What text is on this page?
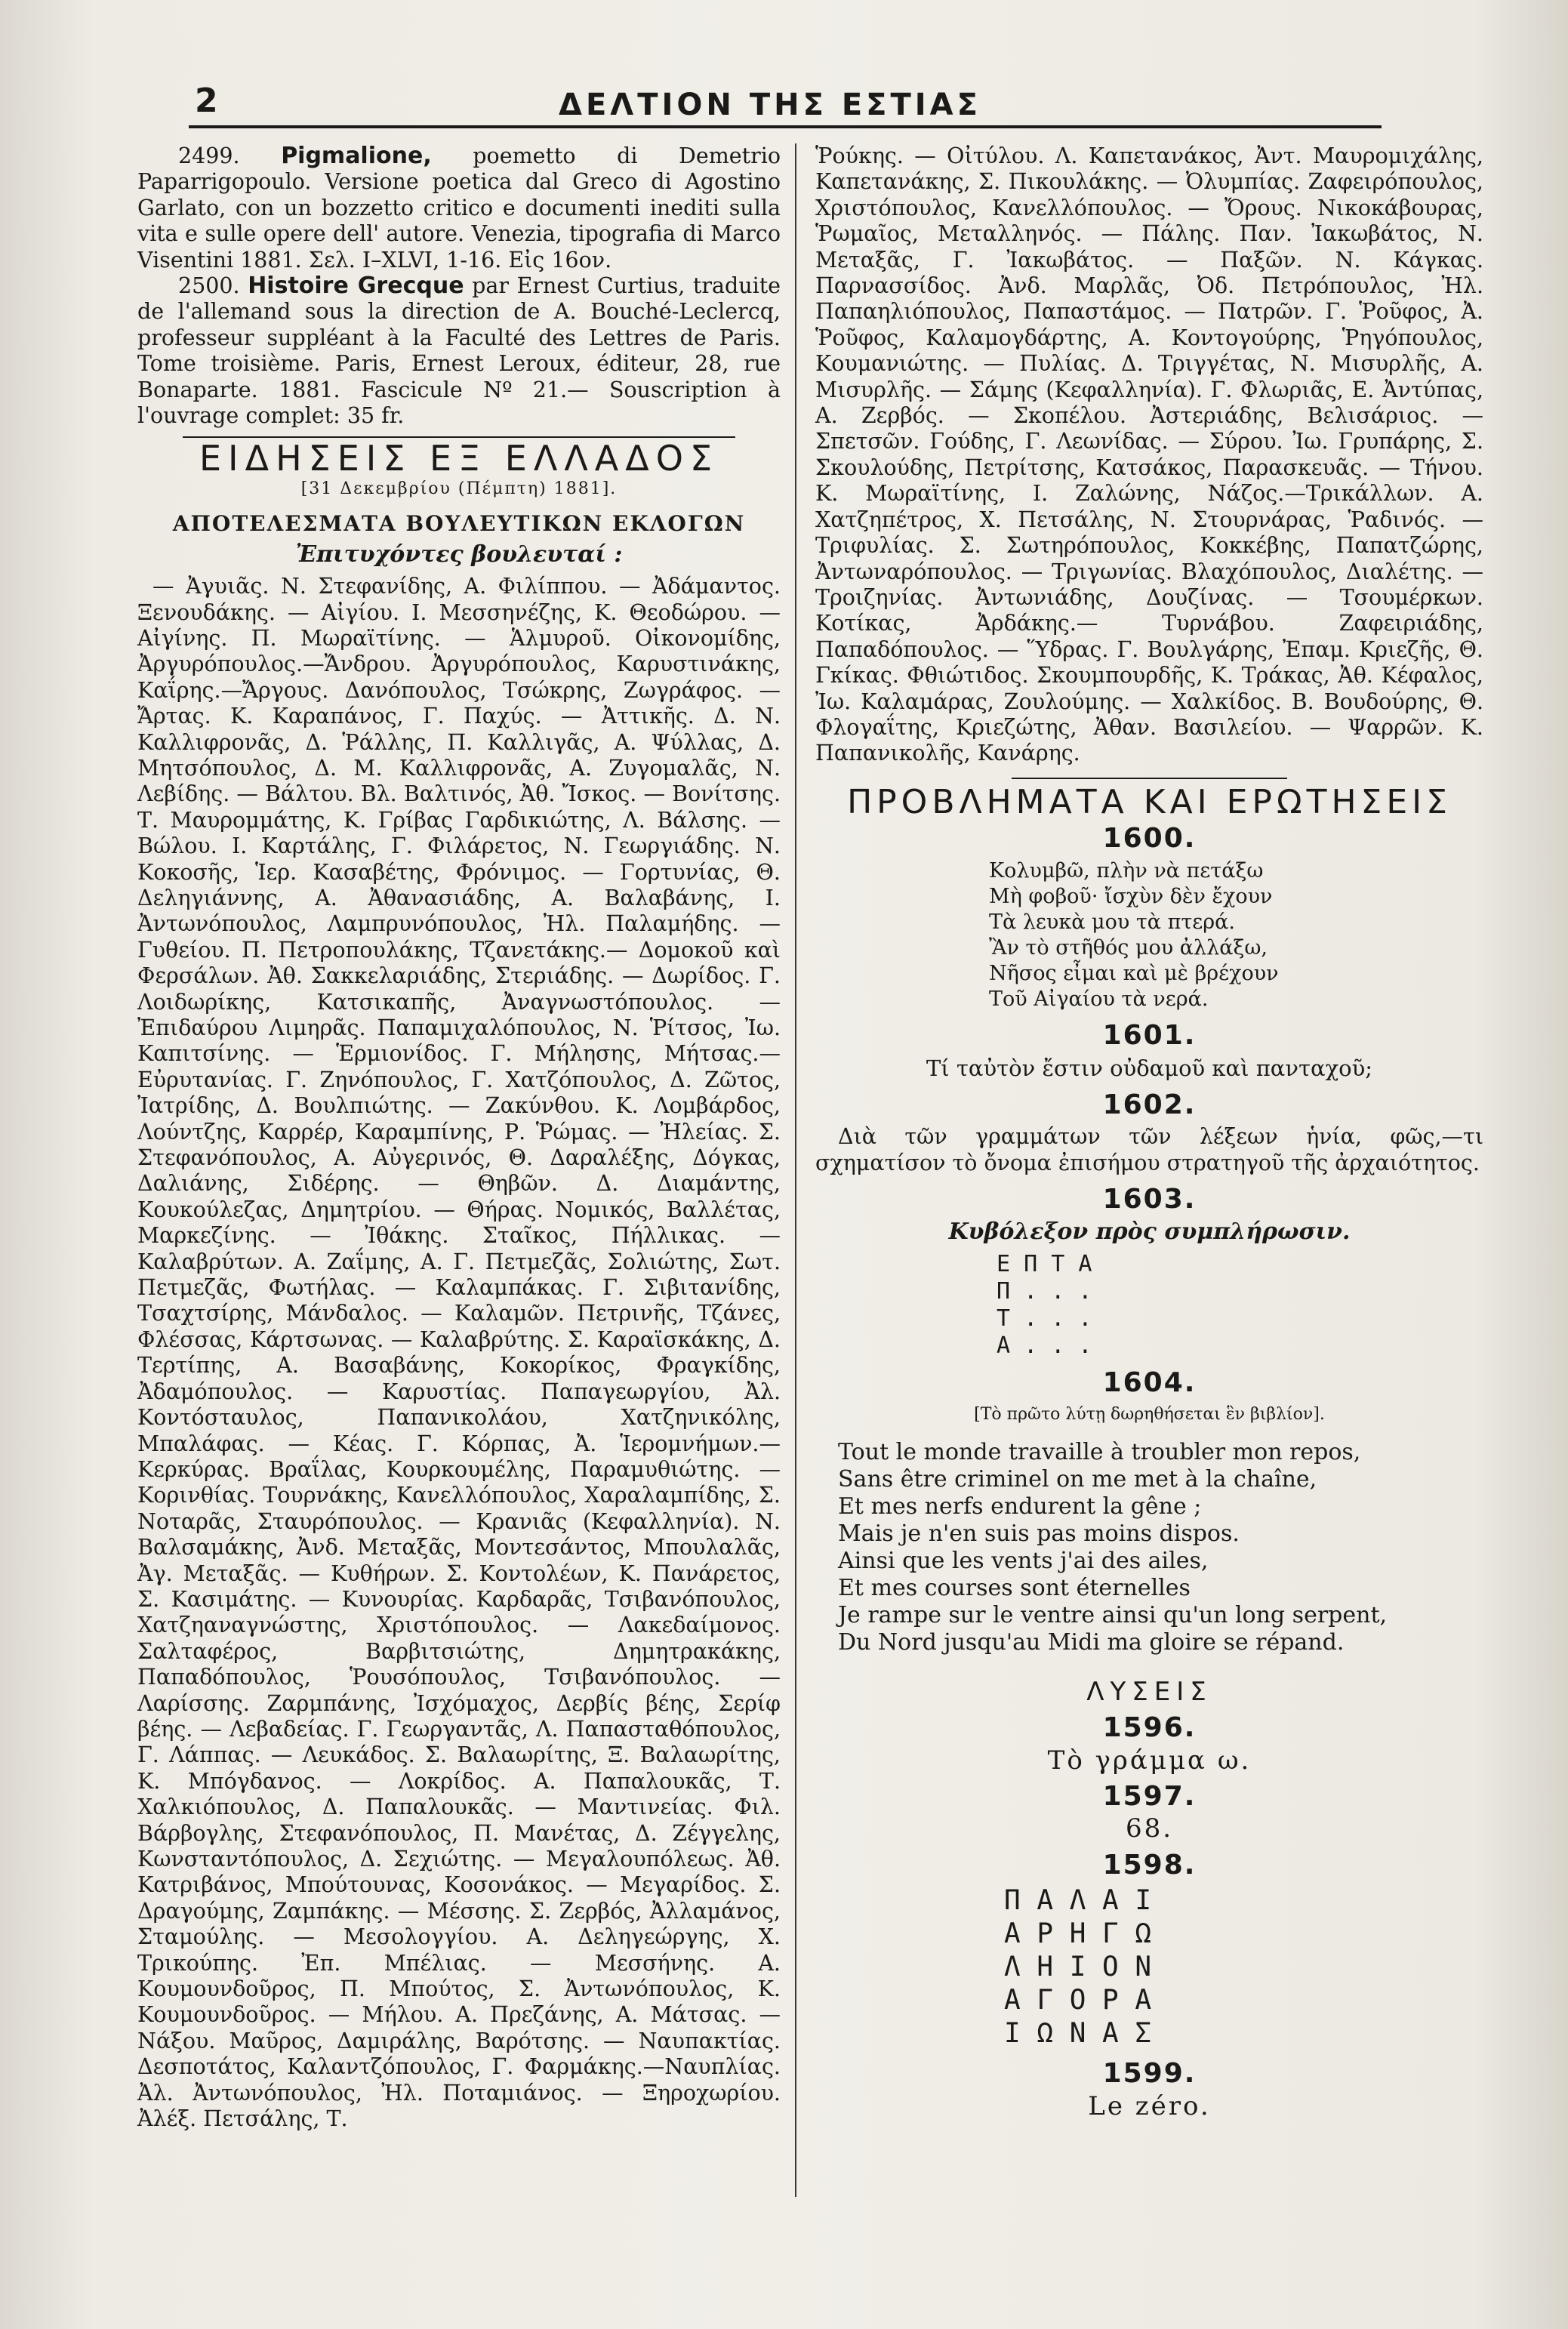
2	ΔΕΛΤΙΟΝ ΤΗΣ ΕΣΤΙΑΣ

2499. Pigmalione, poemetto di Demetrio Paparrigopoulo. Versione poetica dal Greco di Agostino Garlato, con un bozzetto critico e documenti inediti sulla vita e sulle opere dell' autore. Venezia, tipografia di Marco Visentini 1881. Σελ. I–XLVI, 1-16. Εἰς 16ον.

2500. Histoire Grecque par Ernest Curtius, traduite de l'allemand sous la direction de A. Bouché-Leclercq, professeur suppléant à la Faculté des Lettres de Paris. Tome troisième. Paris, Ernest Leroux, éditeur, 28, rue Bonaparte. 1881. Fascicule Nº 21.— Souscription à l'ouvrage complet: 35 fr.

ΕΙΔΗΣΕΙΣ ΕΞ ΕΛΛΑΔΟΣ
[31 Δεκεμβρίου (Πέμπτη) 1881].
ΑΠΟΤΕΛΕΣΜΑΤΑ ΒΟΥΛΕΥΤΙΚΩΝ ΕΚΛΟΓΩΝ
Ἐπιτυχόντες βουλευταί :

— Ἀγυιᾶς. Ν. Στεφανίδης, Α. Φιλίππου. — Ἀδάμαντος. Ξενουδάκης. — Αἰγίου. Ι. Μεσσηνέζης, Κ. Θεοδώρου. — Αἰγίνης. Π. Μωραϊτίνης. — Ἁλμυροῦ. Οἰκονομίδης, Ἀργυρόπουλος.—Ἄνδρου. Ἀργυρόπουλος, Καρυστινάκης, Καΐρης.—Ἄργους. Δανόπουλος, Τσώκρης, Ζωγράφος. — Ἄρτας. Κ. Καραπάνος, Γ. Παχύς. — Ἀττικῆς. Δ. Ν. Καλλιφρονᾶς, Δ. Ῥάλλης, Π. Καλλιγᾶς, Α. Ψύλλας, Δ. Μητσόπουλος, Δ. Μ. Καλλιφρονᾶς, Α. Ζυγομαλᾶς, Ν. Λεβίδης. — Βάλτου. Βλ. Βαλτινός, Ἀθ. Ἴσκος. — Βονίτσης. Τ. Μαυρομμάτης, Κ. Γρίβας Γαρδικιώτης, Λ. Βάλσης. — Βώλου. Ι. Καρτάλης, Γ. Φιλάρετος, Ν. Γεωργιάδης. Ν. Κοκοσῆς, Ἱερ. Κασαβέτης, Φρόνιμος. — Γορτυνίας, Θ. Δεληγιάννης, Α. Ἀθανασιάδης, Α. Βαλαβάνης, Ι. Ἀντωνόπουλος, Λαμπρυνόπουλος, Ἠλ. Παλαμήδης. — Γυθείου. Π. Πετροπουλάκης, Τζανετάκης.— Δομοκοῦ καὶ Φερσάλων. Ἀθ. Σακκελαριάδης, Στεριάδης. — Δωρίδος. Γ. Λοιδωρίκης, Κατσικαπῆς, Ἀναγνωστόπουλος. — Ἐπιδαύρου Λιμηρᾶς. Παπαμιχαλόπουλος, Ν. Ῥίτσος, Ἰω. Καπιτσίνης. — Ἑρμιονίδος. Γ. Μήλησης, Μήτσας.—Εὐρυτανίας. Γ. Ζηνόπουλος, Γ. Χατζόπουλος, Δ. Ζῶτος, Ἰατρίδης, Δ. Βουλπιώτης. — Ζακύνθου. Κ. Λομβάρδος, Λούντζης, Καρρέρ, Καραμπίνης, Ρ. Ῥώμας. — Ἠλείας. Σ. Στεφανόπουλος, Α. Αὐγερινός, Θ. Δαραλέξης, Δόγκας, Δαλιάνης, Σιδέρης. — Θηβῶν. Δ. Διαμάντης, Κουκούλεζας, Δημητρίου. — Θήρας. Νομικός, Βαλλέτας, Μαρκεζίνης. — Ἰθάκης. Σταῖκος, Πήλλικας. — Καλαβρύτων. Α. Ζαΐμης, Α. Γ. Πετμεζᾶς, Σολιώτης, Σωτ. Πετμεζᾶς, Φωτήλας. — Καλαμπάκας. Γ. Σιβιτανίδης, Τσαχτσίρης, Μάνδαλος. — Καλαμῶν. Πετρινῆς, Τζάνες, Φλέσσας, Κάρτσωνας. — Καλαβρύτης. Σ. Καραϊσκάκης, Δ. Τερτίπης, Α. Βασαβάνης, Κοκορίκος, Φραγκίδης, Ἀδαμόπουλος. — Καρυστίας. Παπαγεωργίου, Ἀλ. Κοντόσταυλος, Παπανικολάου, Χατζηνικόλης, Μπαλάφας. — Κέας. Γ. Κόρπας, Ἀ. Ἱερομνήμων.—Κερκύρας. Βραΐλας, Κουρκουμέλης, Παραμυθιώτης. — Κορινθίας. Τουρνάκης, Κανελλόπουλος, Χαραλαμπίδης, Σ. Νοταρᾶς, Σταυρόπουλος. — Κρανιᾶς (Κεφαλληνία). Ν. Βαλσαμάκης, Ἀνδ. Μεταξᾶς, Μοντεσάντος, Μπουλαλᾶς, Ἀγ. Μεταξᾶς. — Κυθήρων. Σ. Κοντολέων, Κ. Πανάρετος, Σ. Κασιμάτης. — Κυνουρίας. Καρδαρᾶς, Τσιβανόπουλος, Χατζηαναγνώστης, Χριστόπουλος. — Λακεδαίμονος. Σαλταφέρος, Βαρβιτσιώτης, Δημητρακάκης, Παπαδόπουλος, Ῥουσόπουλος, Τσιβανόπουλος. — Λαρίσσης. Ζαρμπάνης, Ἰσχόμαχος, Δερβίς βέης, Σερίφ βέης. — Λεβαδείας. Γ. Γεωργαντᾶς, Λ. Παπασταθόπουλος, Γ. Λάππας. — Λευκάδος. Σ. Βαλαωρίτης, Ξ. Βαλαωρίτης, Κ. Μπόγδανος. — Λοκρίδος. Α. Παπαλουκᾶς, Τ. Χαλκιόπουλος, Δ. Παπαλουκᾶς. — Μαντινείας. Φιλ. Βάρβογλης, Στεφανόπουλος, Π. Μανέτας, Δ. Ζέγγελης, Κωνσταντόπουλος, Δ. Σεχιώτης. — Μεγαλουπόλεως. Ἀθ. Κατριβάνος, Μπούτουνας, Κοσονάκος. — Μεγαρίδος. Σ. Δραγούμης, Ζαμπάκης. — Μέσσης. Σ. Ζερβός, Ἀλλαμάνος, Σταμούλης. — Μεσολογγίου. Α. Δεληγεώργης, Χ. Τρικούπης. Ἐπ. Μπέλιας. — Μεσσήνης. Α. Κουμουνδοῦρος, Π. Μπούτος, Σ. Ἀντωνόπουλος, Κ. Κουμουνδοῦρος. — Μήλου. Α. Πρεζάνης, Α. Μάτσας. — Νάξου. Μαῦρος, Δαμιράλης, Βαρότσης. — Ναυπακτίας. Δεσποτάτος, Καλαντζόπουλος, Γ. Φαρμάκης.—Ναυπλίας. Ἀλ. Ἀντωνόπουλος, Ἠλ. Ποταμιάνος. — Ξηροχωρίου. Ἀλέξ. Πετσάλης, Τ.

Ῥούκης. — Οἰτύλου. Λ. Καπετανάκος, Ἀντ. Μαυρομιχάλης, Καπετανάκης, Σ. Πικουλάκης. — Ὀλυμπίας. Ζαφειρόπουλος, Χριστόπουλος, Κανελλόπουλος. — Ὄρους. Νικοκάβουρας, Ῥωμαῖος, Μεταλληνός. — Πάλης. Παν. Ἰακωβάτος, Ν. Μεταξᾶς, Γ. Ἰακωβάτος. — Παξῶν. Ν. Κάγκας. Παρνασσίδος. Ἀνδ. Μαρλᾶς, Ὀδ. Πετρόπουλος, Ἠλ. Παπαηλιόπουλος, Παπαστάμος. — Πατρῶν. Γ. Ῥοῦφος, Ἀ. Ῥοῦφος, Καλαμογδάρτης, Α. Κοντογούρης, Ῥηγόπουλος, Κουμανιώτης. — Πυλίας. Δ. Τριγγέτας, Ν. Μισυρλῆς, Α. Μισυρλῆς. — Σάμης (Κεφαλληνία). Γ. Φλωριᾶς, Ε. Ἀντύπας, Α. Ζερβός. — Σκοπέλου. Ἀστεριάδης, Βελισάριος. — Σπετσῶν. Γούδης, Γ. Λεωνίδας. — Σύρου. Ἰω. Γρυπάρης, Σ. Σκουλούδης, Πετρίτσης, Κατσάκος, Παρασκευᾶς. — Τήνου. Κ. Μωραϊτίνης, Ι. Ζαλώνης, Νάζος.—Τρικάλλων. Α. Χατζηπέτρος, Χ. Πετσάλης, Ν. Στουρνάρας, Ῥαδινός. — Τριφυλίας. Σ. Σωτηρόπουλος, Κοκκέβης, Παπατζώρης, Ἀντωναρόπουλος. — Τριγωνίας. Βλαχόπουλος, Διαλέτης. —Τροιζηνίας. Ἀντωνιάδης, Δουζίνας. — Τσουμέρκων. Κοτίκας, Ἀρδάκης.— Τυρνάβου. Ζαφειριάδης, Παπαδόπουλος. — Ὕδρας. Γ. Βουλγάρης, Ἐπαμ. Κριεζῆς, Θ. Γκίκας. Φθιώτιδος. Σκουμπουρδῆς, Κ. Τράκας, Ἀθ. Κέφαλος, Ἰω. Καλαμάρας, Ζουλούμης. — Χαλκίδος. Β. Βουδούρης, Θ. Φλογαΐτης, Κριεζώτης, Ἀθαν. Βασιλείου. — Ψαρρῶν. Κ. Παπανικολῆς, Κανάρης.

ΠΡΟΒΛΗΜΑΤΑ ΚΑΙ ΕΡΩΤΗΣΕΙΣ
1600.

Κολυμβῶ, πλὴν νὰ πετάξω

Μὴ φοβοῦ· ἴσχὺν δὲν ἔχουν

Τὰ λευκὰ μου τὰ πτερά.

Ἂν τὸ στῆθός μου ἀλλάξω,

Νῆσος εἶμαι καὶ μὲ βρέχουν

Τοῦ Αἰγαίου τὰ νερά.

1601.

Τί ταὐτὸν ἔστιν οὐδαμοῦ καὶ πανταχοῦ;

1602.

Διὰ τῶν γραμμάτων τῶν λέξεων ἡνία, φῶς,—τι σχηματίσον τὸ ὄνομα ἐπισήμου στρατηγοῦ τῆς ἀρχαιότητος.

1603.
Κυβόλεξον πρὸς συμπλήρωσιν.
Ε Π Τ Α
Π . . .
Τ . . .
Α . . .
1604.
[Τὸ πρῶτο λύτῃ δωρηθήσεται ἓν βιβλίον].

Tout le monde travaille à troubler mon repos,

Sans être criminel on me met à la chaîne,

Et mes nerfs endurent la gêne ;

Mais je n'en suis pas moins dispos.

Ainsi que les vents j'ai des ailes,

Et mes courses sont éternelles

Je rampe sur le ventre ainsi qu'un long serpent,

Du Nord jusqu'au Midi ma gloire se répand.

ΛΥΣΕΙΣ
1596.
Τὸ γράμμα ω.
1597.
68.
1598.
Π Α Λ Α Ι
Α Ρ Η Γ Ω
Λ Η Ι Ο Ν
Α Γ Ο Ρ Α
Ι Ω Ν Α Σ
1599.
Le zéro.
